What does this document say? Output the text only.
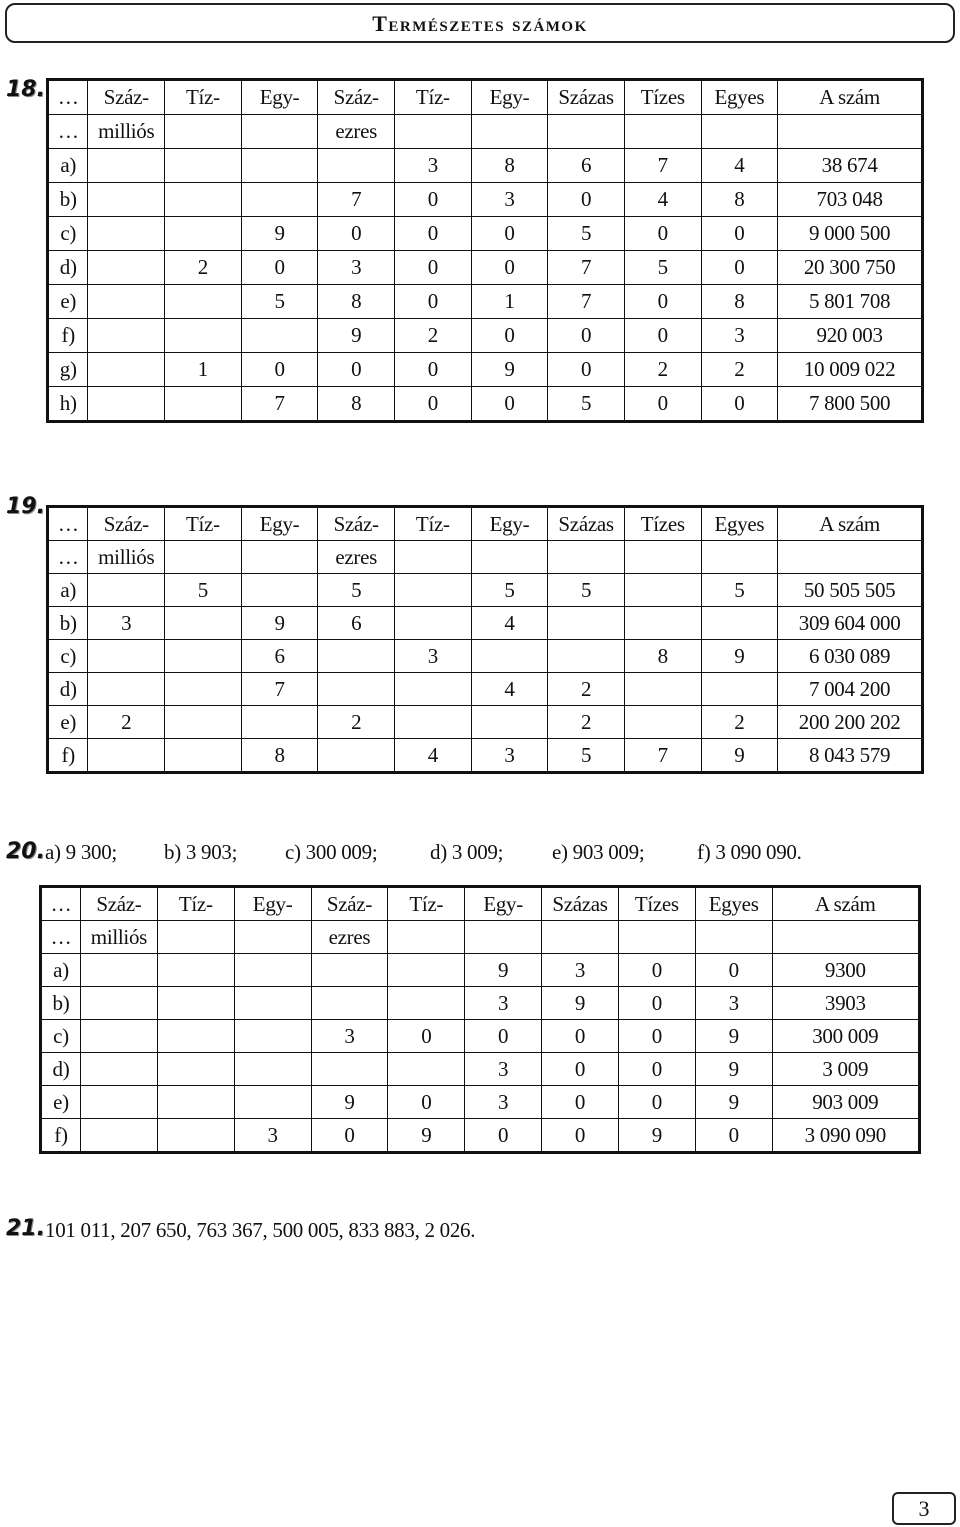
Természetes számok
18. …	Száz-	Tíz-	Egy-	Száz-	Tíz-	Egy-	Százas	Tízes	Egyes	A szám
…	milliós			ezres						
a)					3	8	6	7	4	38 674
b)				7	0	3	0	4	8	703 048
c)			9	0	0	0	5	0	0	9 000 500
d)		2	0	3	0	0	7	5	0	20 300 750
e)			5	8	0	1	7	0	8	5 801 708
f)				9	2	0	0	0	3	920 003
g)		1	0	0	0	9	0	2	2	10 009 022
h)			7	8	0	0	5	0	0	7 800 500
19.
…	Száz-	Tíz-	Egy-	Száz-	Tíz-	Egy-	Százas	Tízes	Egyes	A szám
…	milliós			ezres						
a)		5		5		5	5		5	50 505 505
b)	3		9	6		4				309 604 000
c)			6		3			8	9	6 030 089
d)			7			4	2			7 004 200
e)	2			2			2		2	200 200 202
f)			8		4	3	5	7	9	8 043 579
20. a) 9 300; b) 3 903; c) 300 009;	d) 3 009; e) 903 009;	f) 3 090 090.
…	Száz-	Tíz-	Egy-	Száz-	Tíz-	Egy-	Százas	Tízes	Egyes	A szám
…	milliós			ezres						
a)						9	3	0	0	9300
b)						3	9	0	3	3903
c)				3	0	0	0	0	9	300 009
d)						3	0	0	9	3 009
e)				9	0	3	0	0	9	903 009
f)			3	0	9	0	0	9	0	3 090 090
21. 101 011, 207 650, 763 367, 500 005, 833 883, 2 026.
3
